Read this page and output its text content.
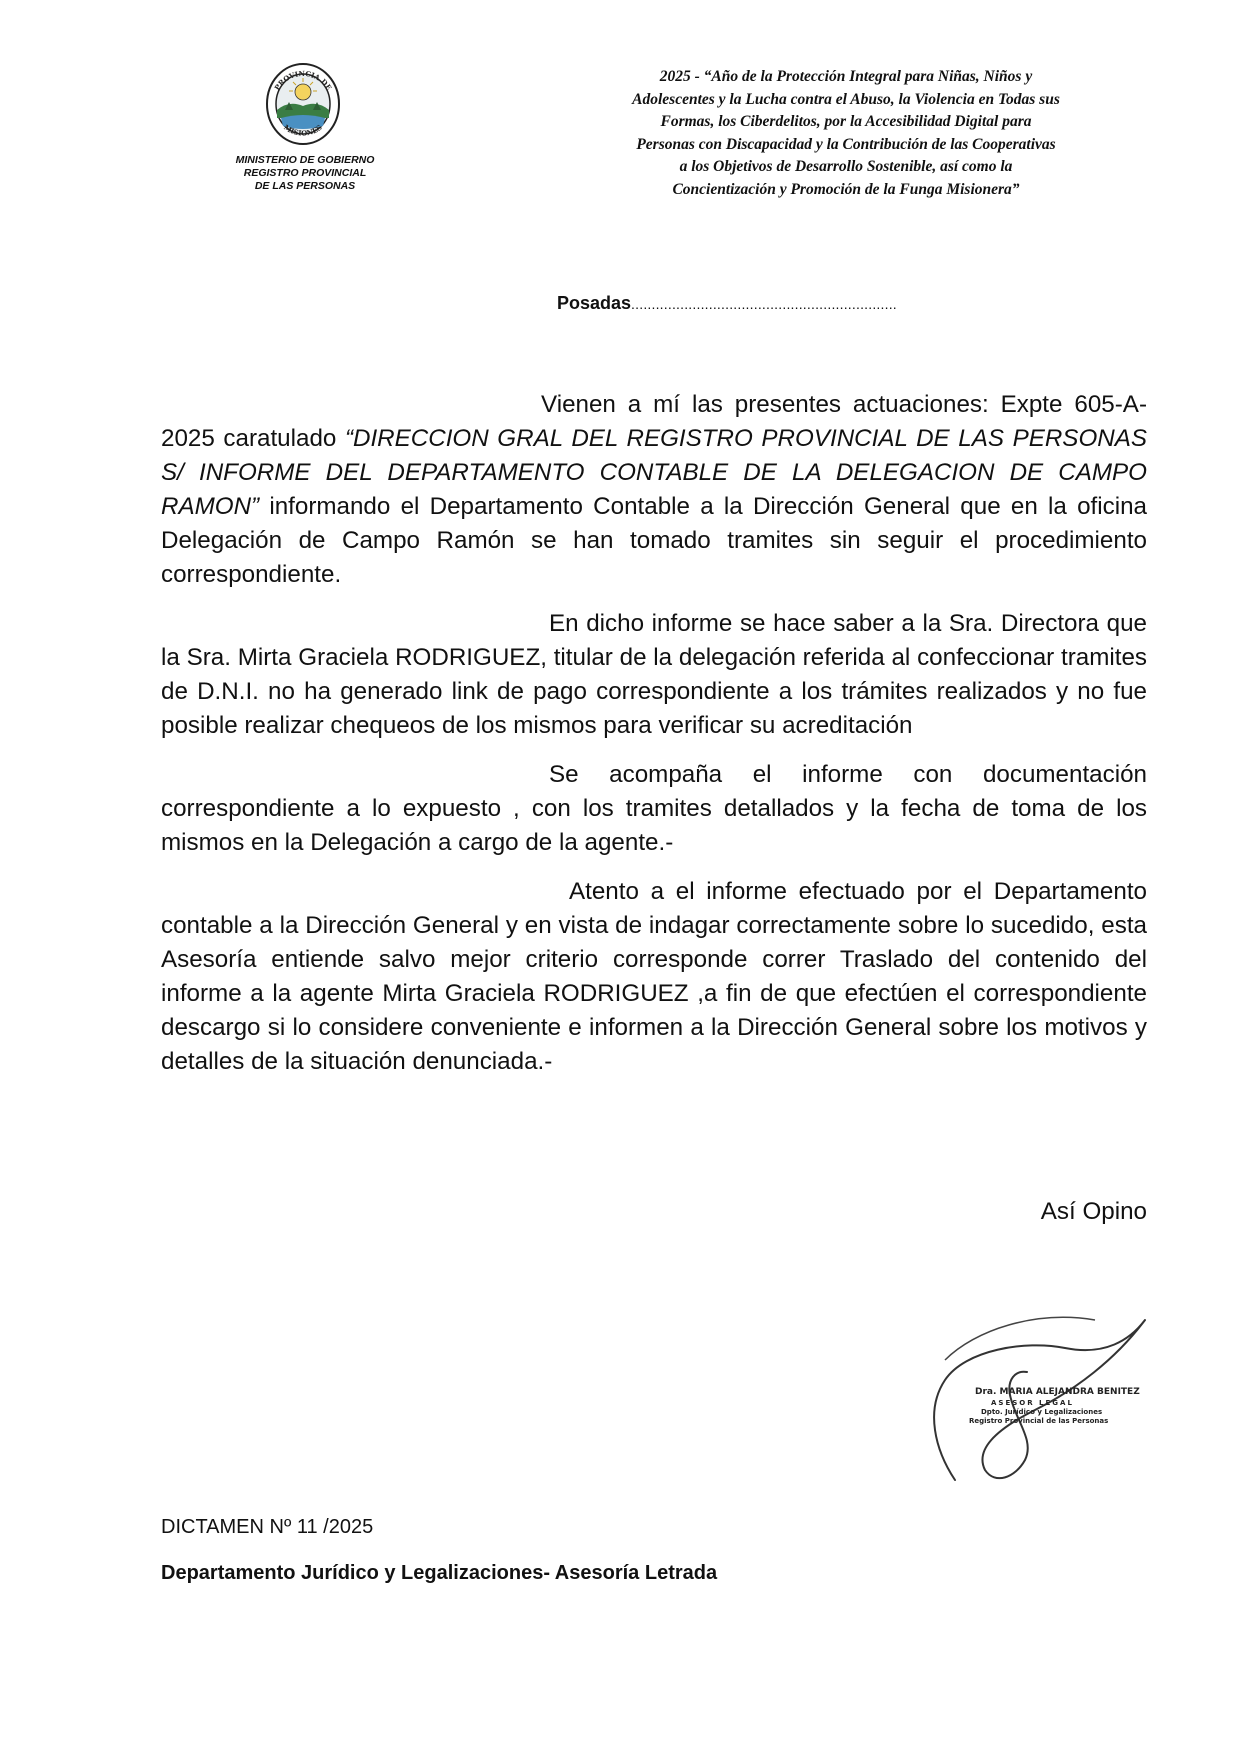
PROVINCIA DE
MISIONES
MINISTERIO DE GOBIERNO
REGISTRO PROVINCIAL
DE LAS PERSONAS
2025 - “Año de la Protección Integral para Niñas, Niños y
Adolescentes y la Lucha contra el Abuso, la Violencia en Todas sus
Formas, los Ciberdelitos, por la Accesibilidad Digital para
Personas con Discapacidad y la Contribución de las Cooperativas
a los Objetivos de Desarrollo Sostenible, así como la
Concientización y Promoción de la Funga Misionera”
Posadas.................................................................

Vienen a mí las presentes actuaciones: Expte 605-A-2025 caratulado “DIRECCION GRAL DEL REGISTRO PROVINCIAL DE LAS PERSONAS S/ INFORME DEL DEPARTAMENTO CONTABLE DE LA DELEGACION DE CAMPO RAMON” informando el Departamento Contable a la Dirección General que en la oficina Delegación de Campo Ramón se han tomado tramites sin seguir el procedimiento correspondiente.

En dicho informe se hace saber a la Sra. Directora que la Sra. Mirta Graciela RODRIGUEZ, titular de la delegación referida al confeccionar tramites de D.N.I. no ha generado link de pago correspondiente a los trámites realizados y no fue posible realizar chequeos de los mismos para verificar su acreditación

Se acompaña el informe con documentación correspondiente a lo expuesto , con los tramites detallados y la fecha de toma de los mismos en la Delegación a cargo de la agente.-

Atento a el informe efectuado por el Departamento contable a la Dirección General y en vista de indagar correctamente sobre lo sucedido, esta Asesoría entiende salvo mejor criterio corresponde correr Traslado del contenido del informe a la agente Mirta Graciela RODRIGUEZ ,a fin de que efectúen el correspondiente descargo si lo considere conveniente e informen a la Dirección General sobre los motivos y detalles de la situación denunciada.-

Así Opino
Dra. MARIA ALEJANDRA BENITEZ
ASESOR LEGAL
Dpto. Jurídico y Legalizaciones
Registro Provincial de las Personas
DICTAMEN Nº 11 /2025
Departamento Jurídico y Legalizaciones- Asesoría Letrada
